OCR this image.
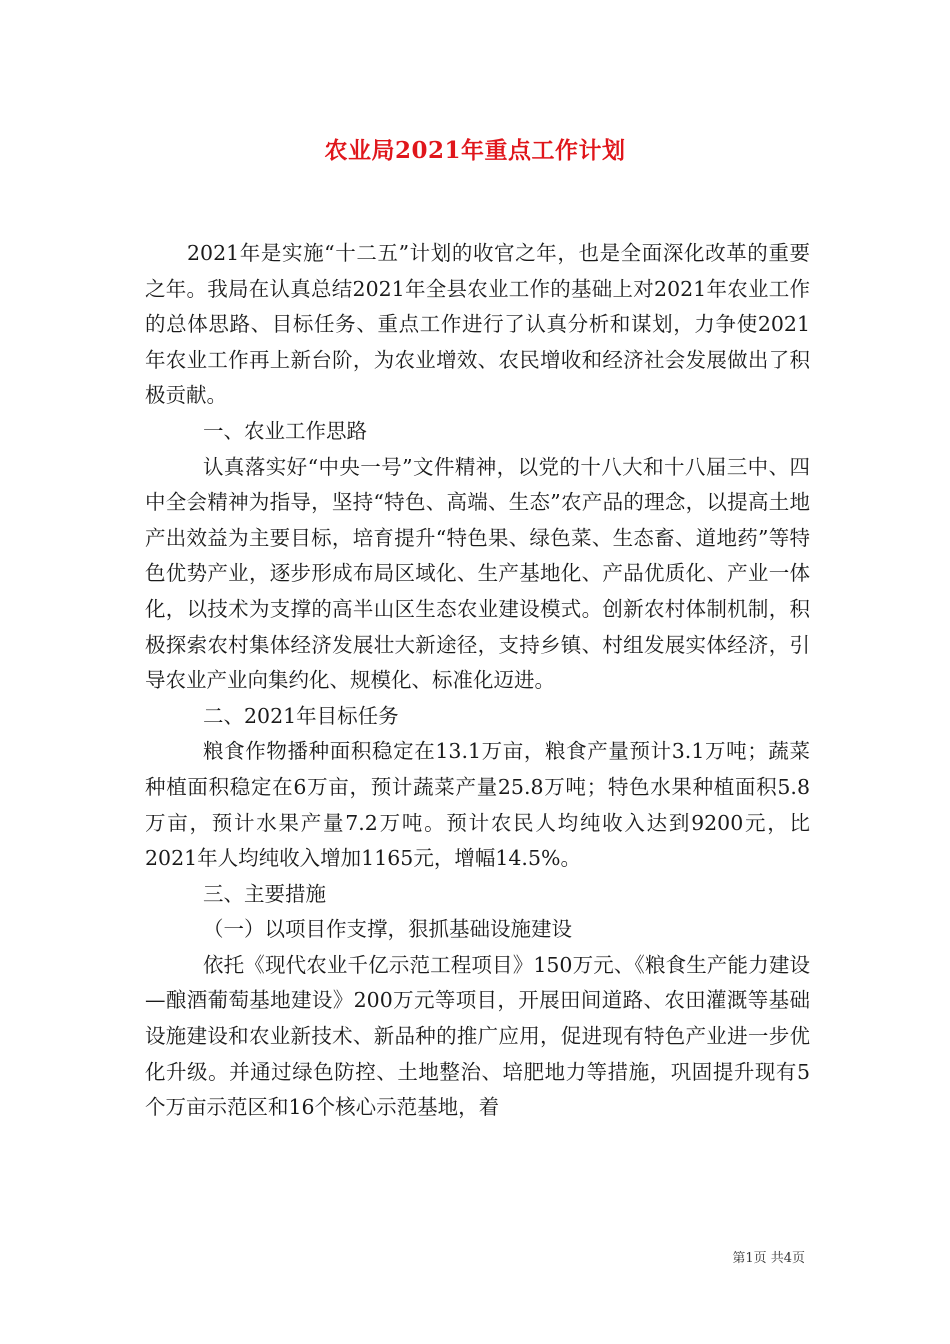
农业局2021年重点工作计划

2021年是实施“十二五”计划的收官之年，也是全面深化改革的重要之年。我局在认真总结2021年全县农业工作的基础上对2021年农业工作的总体思路、目标任务、重点工作进行了认真分析和谋划，力争使2021年农业工作再上新台阶，为农业增效、农民增收和经济社会发展做出了积极贡献。

一、农业工作思路

认真落实好“中央一号”文件精神，以党的十八大和十八届三中、四中全会精神为指导，坚持“特色、高端、生态”农产品的理念，以提高土地产出效益为主要目标，培育提升“特色果、绿色菜、生态畜、道地药”等特色优势产业，逐步形成布局区域化、生产基地化、产品优质化、产业一体化，以技术为支撑的高半山区生态农业建设模式。创新农村体制机制，积极探索农村集体经济发展壮大新途径，支持乡镇、村组发展实体经济，引导农业产业向集约化、规模化、标准化迈进。

二、2021年目标任务

粮食作物播种面积稳定在13.1万亩，粮食产量预计3.1万吨；蔬菜种植面积稳定在6万亩，预计蔬菜产量25.8万吨；特色水果种植面积5.8万亩，预计水果产量7.2万吨。预计农民人均纯收入达到9200元，比2021年人均纯收入增加1165元，增幅14.5%。

三、主要措施

（一）以项目作支撑，狠抓基础设施建设

依托《现代农业千亿示范工程项目》150万元、《粮食生产能力建设—酿酒葡萄基地建设》200万元等项目，开展田间道路、农田灌溉等基础设施建设和农业新技术、新品种的推广应用，促进现有特色产业进一步优化升级。并通过绿色防控、土地整治、培肥地力等措施，巩固提升现有5个万亩示范区和16个核心示范基地，着

第1页 共4页
